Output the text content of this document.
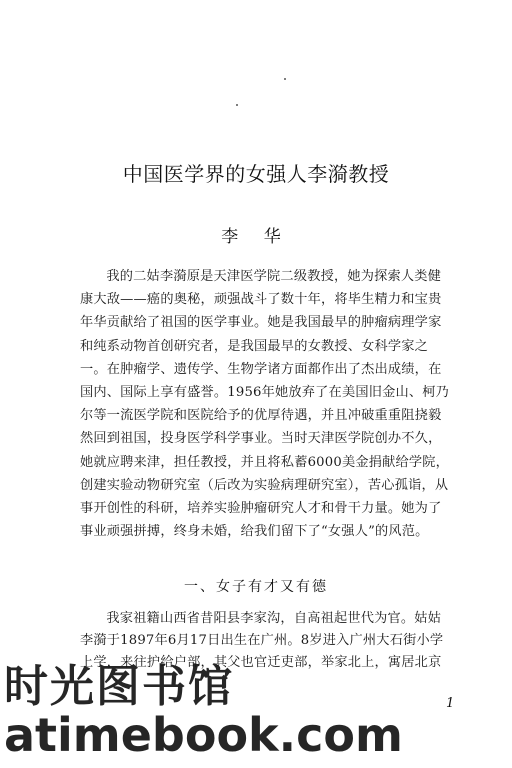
中国医学界的女强人李漪教授
李 华

我的二姑李漪原是天津医学院二级教授，她为探索人类健康大敌——癌的奥秘，顽强战斗了数十年，将毕生精力和宝贵年华贡献给了祖国的医学事业。她是我国最早的肿瘤病理学家和纯系动物首创研究者，是我国最早的女教授、女科学家之一。在肿瘤学、遗传学、生物学诸方面都作出了杰出成绩，在国内、国际上享有盛誉。1956年她放弃了在美国旧金山、柯乃尔等一流医学院和医院给予的优厚待遇，并且冲破重重阻挠毅然回到祖国，投身医学科学事业。当时天津医学院创办不久，她就应聘来津，担任教授，并且将私蓄6000美金捐献给学院，创建实验动物研究室（后改为实验病理研究室），苦心孤诣，从事开创性的科研，培养实验肿瘤研究人才和骨干力量。她为了事业顽强拼搏，终身未婚，给我们留下了“女强人”的风范。

一、女子有才又有德

我家祖籍山西省昔阳县李家沟，自高祖起世代为官。姑姑李漪于1897年6月17日出生在广州。8岁进入广州大石街小学上学，来往护给户部，其父也官迁吏部，举家北上，寓居北京

1
时光图书馆
atimebook.com
